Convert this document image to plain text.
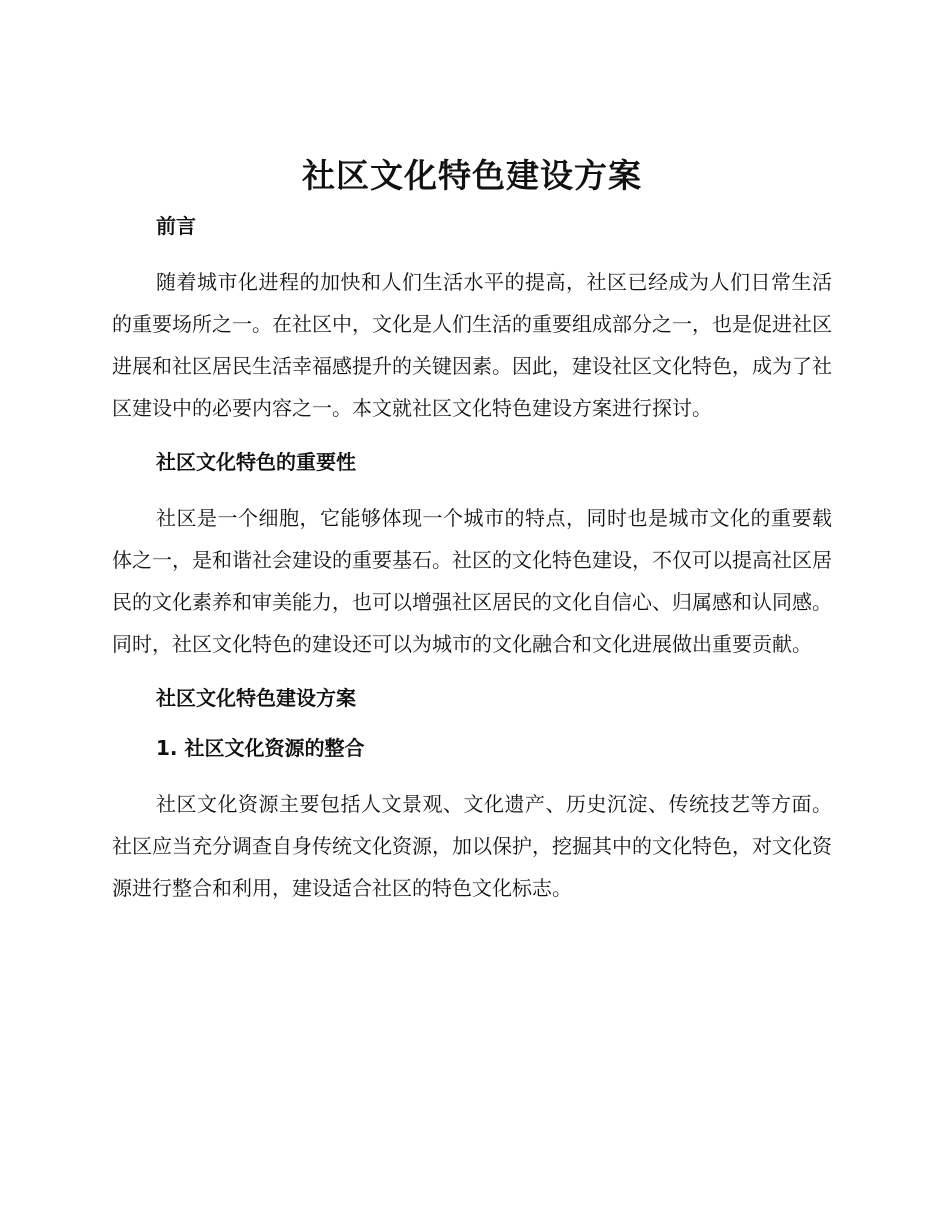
社区文化特色建设方案
前言

随着城市化进程的加快和人们生活水平的提高，社区已经成为人们日常生活的重要场所之一。在社区中，文化是人们生活的重要组成部分之一，也是促进社区进展和社区居民生活幸福感提升的关键因素。因此，建设社区文化特色，成为了社区建设中的必要内容之一。本文就社区文化特色建设方案进行探讨。

社区文化特色的重要性

社区是一个细胞，它能够体现一个城市的特点，同时也是城市文化的重要载体之一，是和谐社会建设的重要基石。社区的文化特色建设，不仅可以提高社区居民的文化素养和审美能力，也可以增强社区居民的文化自信心、归属感和认同感。同时，社区文化特色的建设还可以为城市的文化融合和文化进展做出重要贡献。

社区文化特色建设方案
1. 社区文化资源的整合

社区文化资源主要包括人文景观、文化遗产、历史沉淀、传统技艺等方面。社区应当充分调查自身传统文化资源，加以保护，挖掘其中的文化特色，对文化资源进行整合和利用，建设适合社区的特色文化标志。
